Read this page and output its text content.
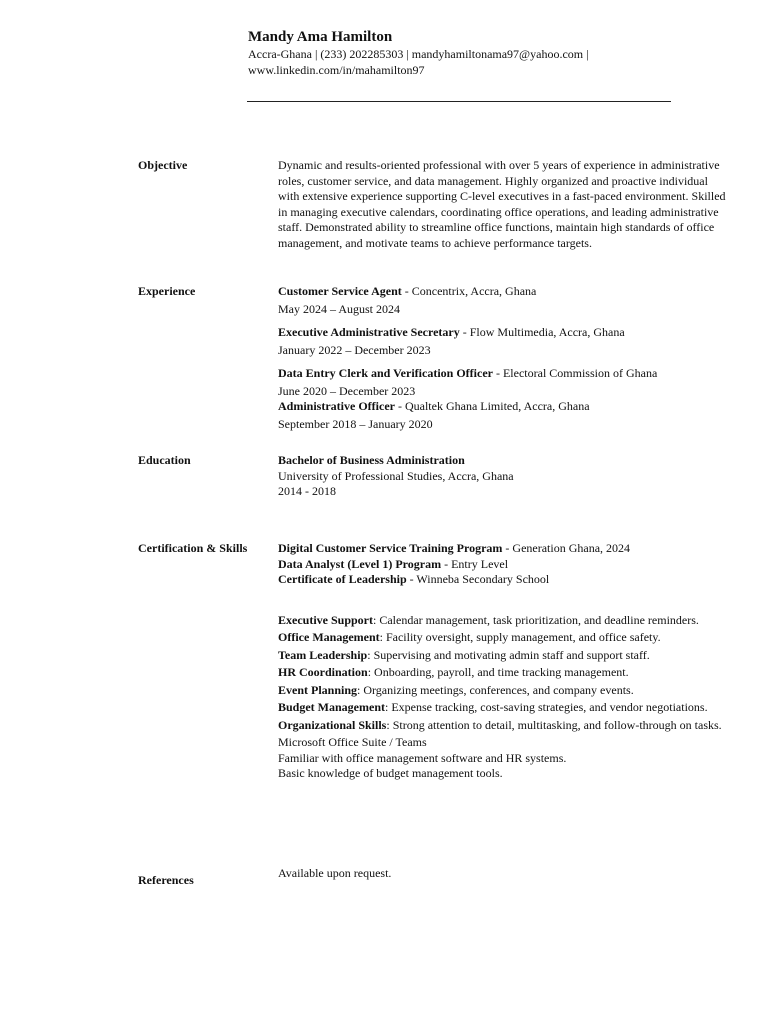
Mandy Ama Hamilton

Accra-Ghana | (233) 202285303 | mandyhamiltonama97@yahoo.com |

www.linkedin.com/in/mahamilton97

Objective	Dynamic and results-oriented professional with over 5 years of experience in administrative roles, customer service, and data management. Highly organized and proactive individual with extensive experience supporting C-level executives in a fast-paced environment. Skilled in managing executive calendars, coordinating office operations, and leading administrative staff. Demonstrated ability to streamline office functions, maintain high standards of office management, and motivate teams to achieve performance targets.

Experience	Customer Service Agent - Concentrix, Accra, Ghana

May 2024 – August 2024

Executive Administrative Secretary - Flow Multimedia, Accra, Ghana

January 2022 – December 2023

Data Entry Clerk and Verification Officer - Electoral Commission of Ghana

June 2020 – December 2023

Administrative Officer - Qualtek Ghana Limited, Accra, Ghana

September 2018 – January 2020

Education	Bachelor of Business Administration

University of Professional Studies, Accra, Ghana

2014 - 2018

Certification & Skills	Digital Customer Service Training Program - Generation Ghana, 2024

Data Analyst (Level 1) Program - Entry Level

Certificate of Leadership - Winneba Secondary School

Executive Support: Calendar management, task prioritization, and deadline reminders.

Office Management: Facility oversight, supply management, and office safety.

Team Leadership: Supervising and motivating admin staff and support staff.

HR Coordination: Onboarding, payroll, and time tracking management.

Event Planning: Organizing meetings, conferences, and company events.

Budget Management: Expense tracking, cost-saving strategies, and vendor negotiations.

Organizational Skills: Strong attention to detail, multitasking, and follow-through on tasks.

Microsoft Office Suite / Teams

Familiar with office management software and HR systems.

Basic knowledge of budget management tools.

References	Available upon request.
